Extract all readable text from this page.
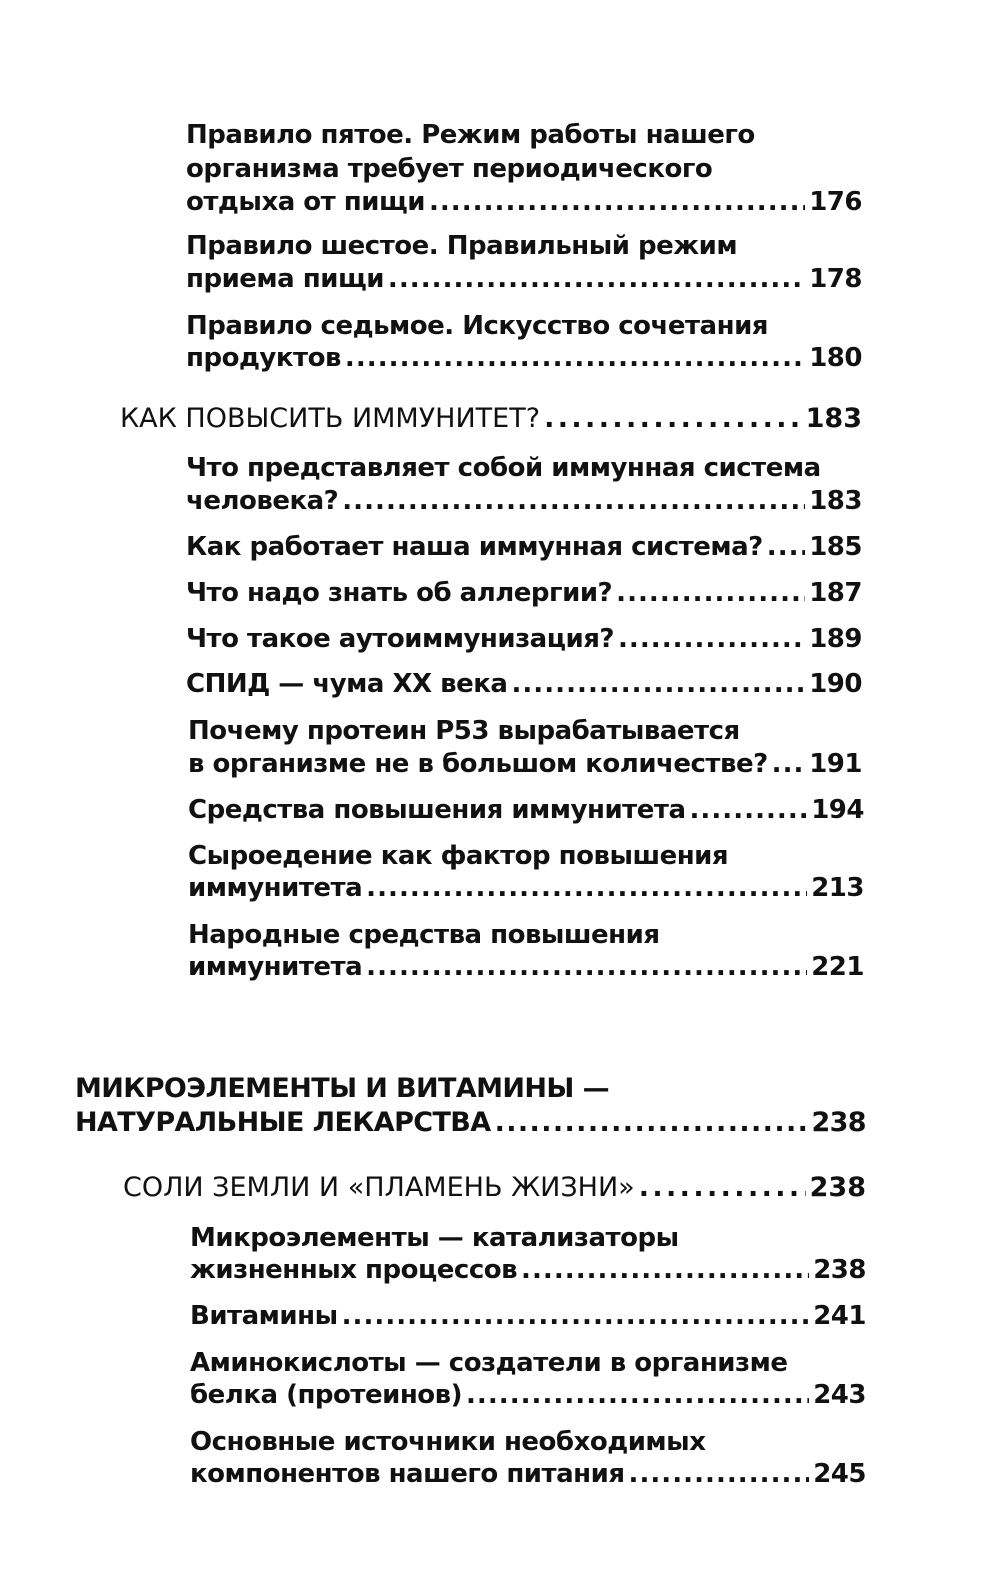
Правило пятое. Режим работы нашего
организма требует периодического
отдыха от пищи . . .	176
Правило шестое. Правильный режим
приема пищи . . .	178
Правило седьмое. Искусство сочетания
продуктов . . .	180
КАК ПОВЫСИТЬ ИММУНИТЕТ? . . .	183
Что представляет собой иммунная система
человека? . . .	183
Как работает наша иммунная система? . . . 185
Что надо знать об аллергии? . . .	187
Что такое аутоиммунизация? . . .	189
СПИД — чума XX века . . .	190
Почему протеин Р53 вырабатывается
в организме не в большом количестве? . . . 191
Средства повышения иммунитета . . .	194
Сыроедение как фактор повышения
иммунитета . . .	213
Народные средства повышения
иммунитета . . .	221
МИКРОЭЛЕМЕНТЫ И ВИТАМИНЫ —
НАТУРАЛЬНЫЕ ЛЕКАРСТВА . . .	238
СОЛИ ЗЕМЛИ И «ПЛАМЕНЬ ЖИЗНИ» . . .	238
Микроэлементы — катализаторы
жизненных процессов . . .	238
Витамины . . .	241
Аминокислоты — создатели в организме
белка (протеинов) . . .	243
Основные источники необходимых
компонентов нашего питания . . .	245
